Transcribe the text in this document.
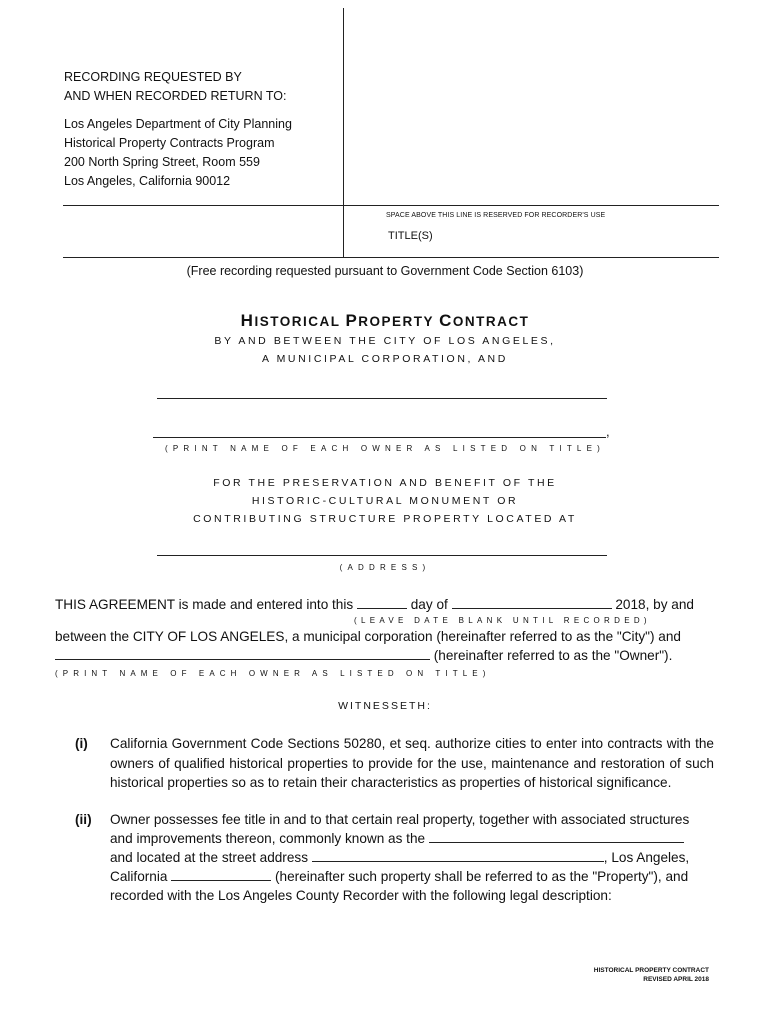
RECORDING REQUESTED BY
AND WHEN RECORDED RETURN TO:
Los Angeles Department of City Planning
Historical Property Contracts Program
200 North Spring Street, Room 559
Los Angeles, California 90012
SPACE ABOVE THIS LINE IS RESERVED FOR RECORDER'S USE
TITLE(S)
(Free recording requested pursuant to Government Code Section 6103)
HISTORICAL PROPERTY CONTRACT
BY AND BETWEEN THE CITY OF LOS ANGELES,
A MUNICIPAL CORPORATION, AND
,
(PRINT NAME OF EACH OWNER AS LISTED ON TITLE)
FOR THE PRESERVATION AND BENEFIT OF THE
HISTORIC-CULTURAL MONUMENT OR
CONTRIBUTING STRUCTURE PROPERTY LOCATED AT
(ADDRESS)
THIS AGREEMENT is made and entered into this	day of	2018, by and
(LEAVE DATE BLANK UNTIL RECORDED)
between the CITY OF LOS ANGELES, a municipal corporation (hereinafter referred to as the "City") and
(hereinafter referred to as the "Owner").
(PRINT NAME OF EACH OWNER AS LISTED ON TITLE)
WITNESSETH:
(i) California Government Code Sections 50280, et seq. authorize cities to enter into contracts with the owners of qualified historical properties to provide for the use, maintenance and restoration of such historical properties so as to retain their characteristics as properties of historical significance.
(ii) Owner possesses fee title in and to that certain real property, together with associated structures
and improvements thereon, commonly known as the
and located at the street address	, Los Angeles,
California	(hereinafter such property shall be referred to as the "Property"), and
recorded with the Los Angeles County Recorder with the following legal description:
HISTORICAL PROPERTY CONTRACT
REVISED APRIL 2018
